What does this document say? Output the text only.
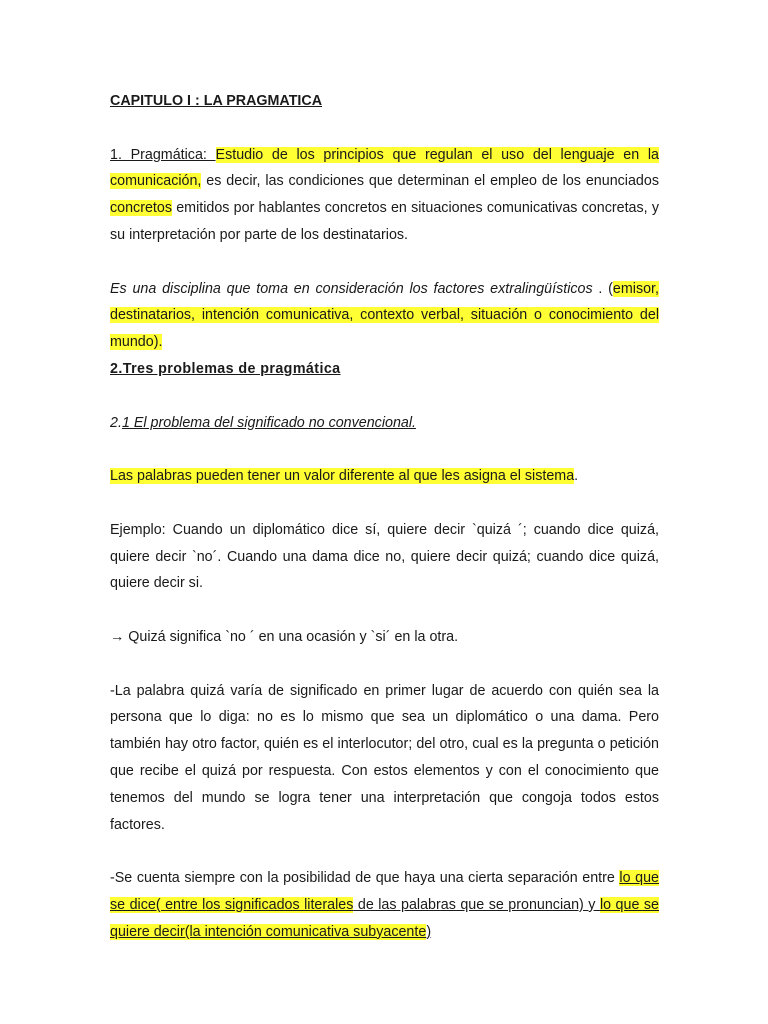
CAPITULO I : LA PRAGMATICA

1. Pragmática: Estudio de los principios que regulan el uso del lenguaje en la comunicación, es decir, las condiciones que determinan el empleo de los enunciados concretos emitidos por hablantes concretos en situaciones comunicativas concretas, y su interpretación por parte de los destinatarios.

Es una disciplina que toma en consideración los factores extralingüísticos . (emisor, destinatarios, intención comunicativa, contexto verbal, situación o conocimiento del mundo).

2.Tres problemas de pragmática

2.1 El problema del significado no convencional.

Las palabras pueden tener un valor diferente al que les asigna el sistema.

Ejemplo: Cuando un diplomático dice sí, quiere decir `quizá ´; cuando dice quizá, quiere decir `no´. Cuando una dama dice no, quiere decir quizá; cuando dice quizá, quiere decir si.

→ Quizá significa `no ´ en una ocasión y `si´ en la otra.

-La palabra quizá varía de significado en primer lugar de acuerdo con quién sea la persona que lo diga: no es lo mismo que sea un diplomático o una dama. Pero también hay otro factor, quién es el interlocutor; del otro, cual es la pregunta o petición que recibe el quizá por respuesta. Con estos elementos y con el conocimiento que tenemos del mundo se logra tener una interpretación que congoja todos estos factores.

-Se cuenta siempre con la posibilidad de que haya una cierta separación entre lo que se dice( entre los significados literales de las palabras que se pronuncian) y lo que se quiere decir(la intención comunicativa subyacente)
